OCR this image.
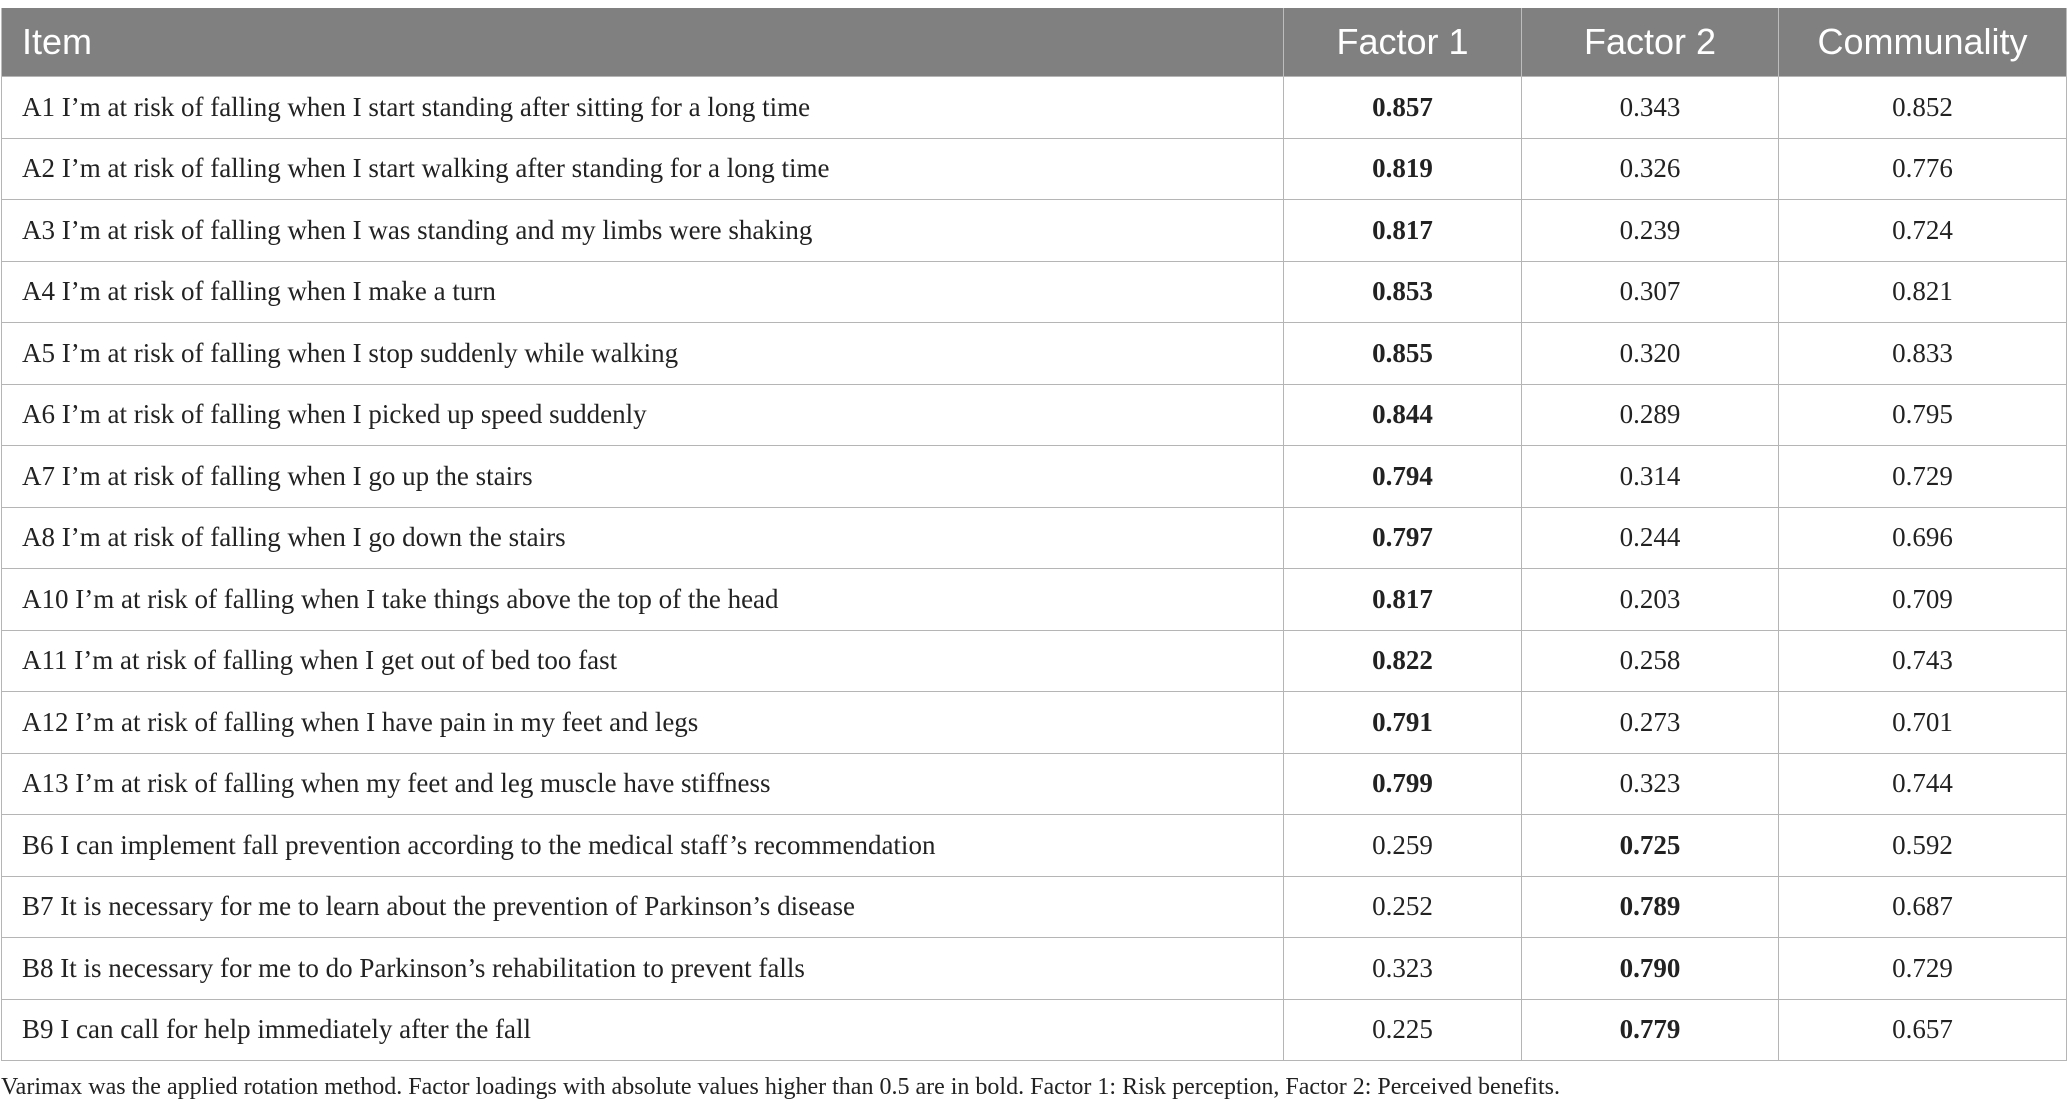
Item	Factor 1	Factor 2	Communality
A1 I’m at risk of falling when I start standing after sitting for a long time	0.857	0.343	0.852
A2 I’m at risk of falling when I start walking after standing for a long time	0.819	0.326	0.776
A3 I’m at risk of falling when I was standing and my limbs were shaking	0.817	0.239	0.724
A4 I’m at risk of falling when I make a turn	0.853	0.307	0.821
A5 I’m at risk of falling when I stop suddenly while walking	0.855	0.320	0.833
A6 I’m at risk of falling when I picked up speed suddenly	0.844	0.289	0.795
A7 I’m at risk of falling when I go up the stairs	0.794	0.314	0.729
A8 I’m at risk of falling when I go down the stairs	0.797	0.244	0.696
A10 I’m at risk of falling when I take things above the top of the head	0.817	0.203	0.709
A11 I’m at risk of falling when I get out of bed too fast	0.822	0.258	0.743
A12 I’m at risk of falling when I have pain in my feet and legs	0.791	0.273	0.701
A13 I’m at risk of falling when my feet and leg muscle have stiffness	0.799	0.323	0.744
B6 I can implement fall prevention according to the medical staff’s recommendation	0.259	0.725	0.592
B7 It is necessary for me to learn about the prevention of Parkinson’s disease	0.252	0.789	0.687
B8 It is necessary for me to do Parkinson’s rehabilitation to prevent falls	0.323	0.790	0.729
B9 I can call for help immediately after the fall	0.225	0.779	0.657
Varimax was the applied rotation method. Factor loadings with absolute values higher than 0.5 are in bold. Factor 1: Risk perception, Factor 2: Perceived benefits.
